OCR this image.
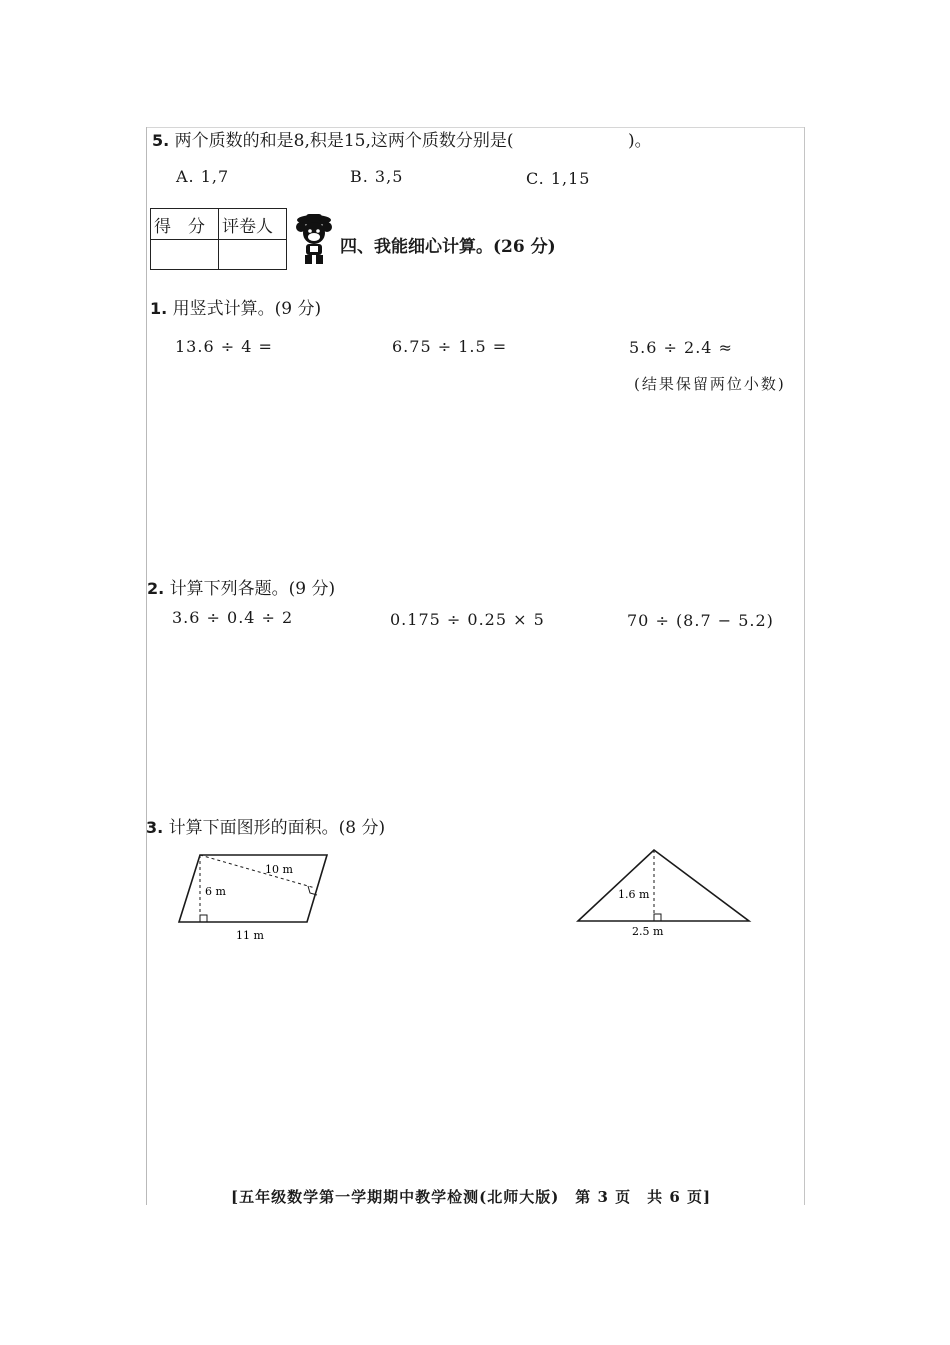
5. 两个质数的和是8,积是15,这两个质数分别是(	)。
A. 1,7	B. 3,5	C. 1,15
得　分	评卷人

四、我能细心计算。(26 分)
1. 用竖式计算。(9 分)
13.6 ÷ 4 =	6.75 ÷ 1.5 =	5.6 ÷ 2.4 ≈
(结果保留两位小数)
2. 计算下列各题。(9 分)
3.6 ÷ 0.4 ÷ 2	0.175 ÷ 0.25 × 5	70 ÷ (8.7 − 5.2)
3. 计算下面图形的面积。(8 分)
10 m
6 m
11 m
1.6 m
2.5 m
[五年级数学第一学期期中教学检测(北师大版)　第 3 页　共 6 页]
